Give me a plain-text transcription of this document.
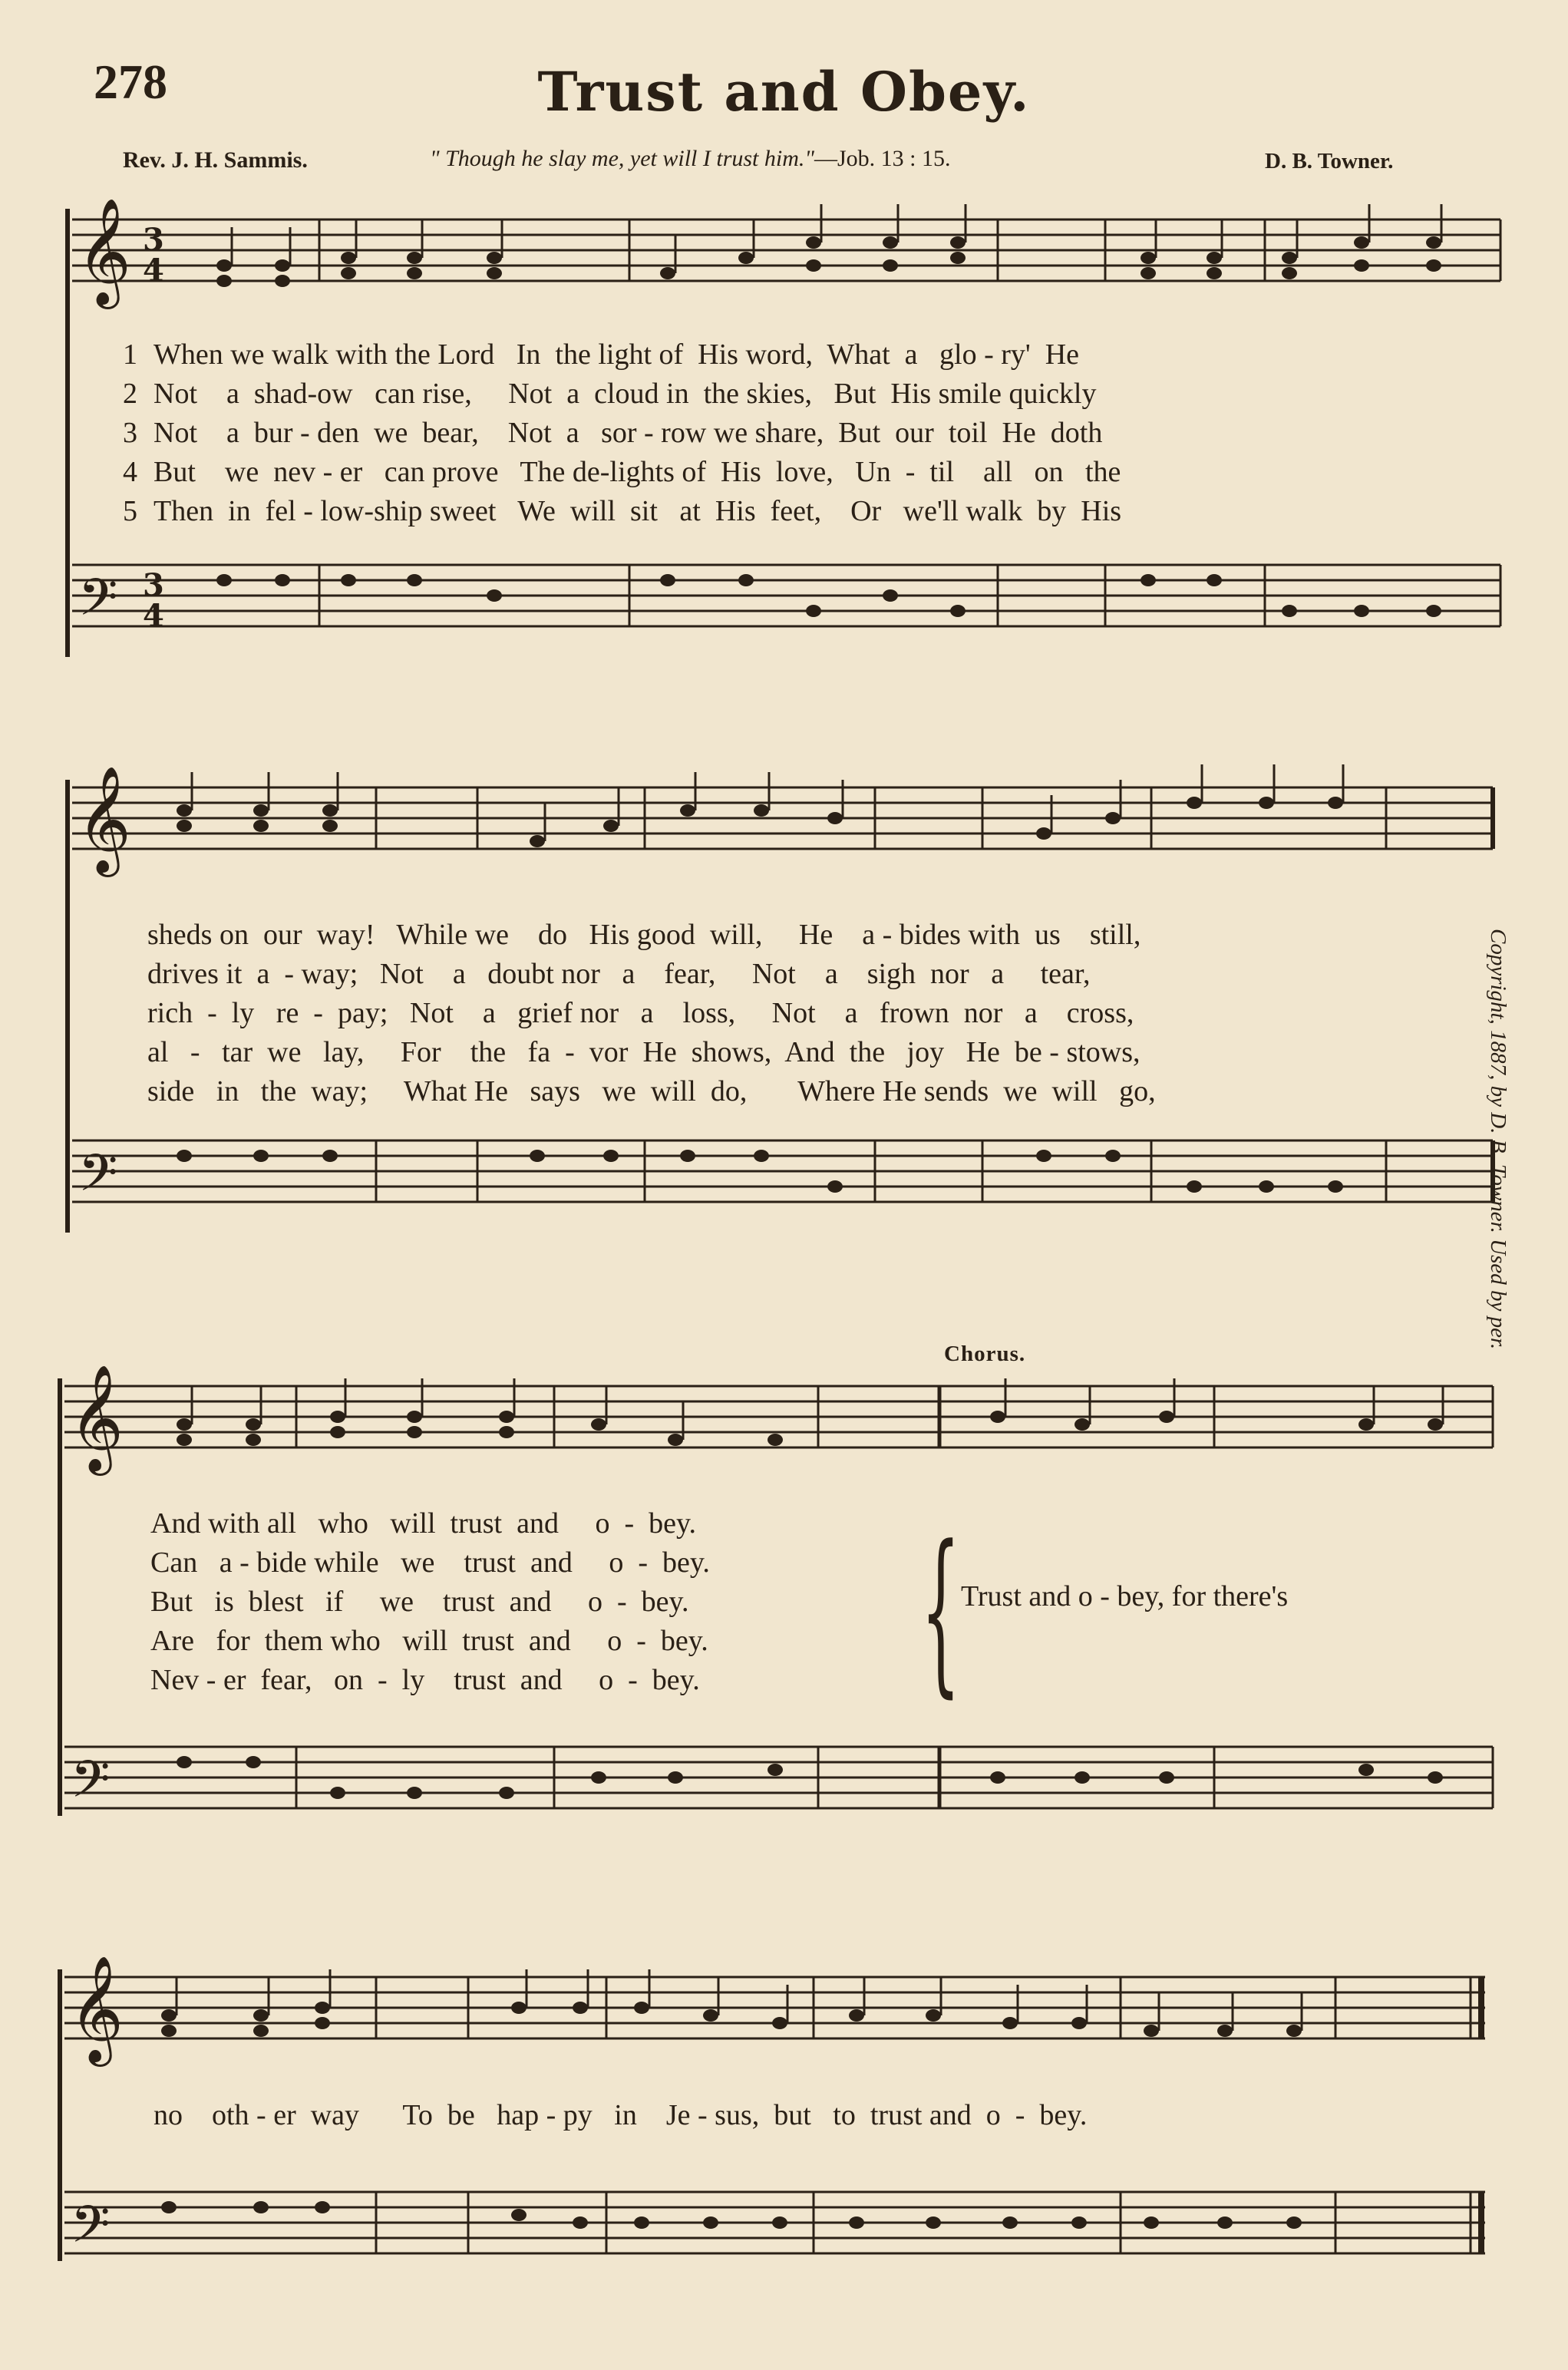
278	Trust and Obey.
Rev. J. H. Sammis.	" Though he slay me, yet will I trust him."—Job. 13 : 15.	D. B. Towner.
𝄞
𝄢
3
4
3
4
1 When we walk with the Lord   In  the light of  His word,  What  a   glo - ry'  He
2 Not    a  shad-ow   can rise,     Not  a  cloud in  the skies,   But  His smile quickly
3 Not    a  bur - den  we  bear,    Not  a   sor - row we share,  But  our  toil  He  doth
4 But    we  nev - er   can prove   The de-lights of  His  love,   Un  -  til    all   on   the
5 Then  in  fel - low-ship sweet   We  will  sit   at  His  feet,    Or   we'll walk  by  His
𝄞
𝄢
sheds on  our  way!   While we    do   His good  will,     He    a - bides with  us    still,
drives it  a  - way;   Not    a   doubt nor   a    fear,     Not    a    sigh  nor   a     tear,
rich  -  ly   re  -  pay;   Not    a   grief nor   a    loss,     Not    a   frown  nor   a    cross,
al   -   tar  we   lay,     For    the   fa  -  vor  He  shows,  And  the   joy   He  be - stows,
side   in   the  way;     What He   says   we  will  do,       Where He sends  we  will   go,	Copyright, 1887, by D. B. Towner. Used by per.
𝄞
𝄢
Chorus.
And with all   who   will  trust  and     o  -  bey.
Can   a - bide while   we    trust  and     o  -  bey.
But   is  blest   if     we    trust  and     o  -  bey.
Are   for  them who   will  trust  and     o  -  bey.
Nev - er  fear,   on  -  ly    trust  and     o  -  bey. { Trust and o - bey, for there's
𝄞
𝄢
no    oth - er  way      To  be   hap - py   in    Je - sus,  but   to  trust and  o  -  bey.
